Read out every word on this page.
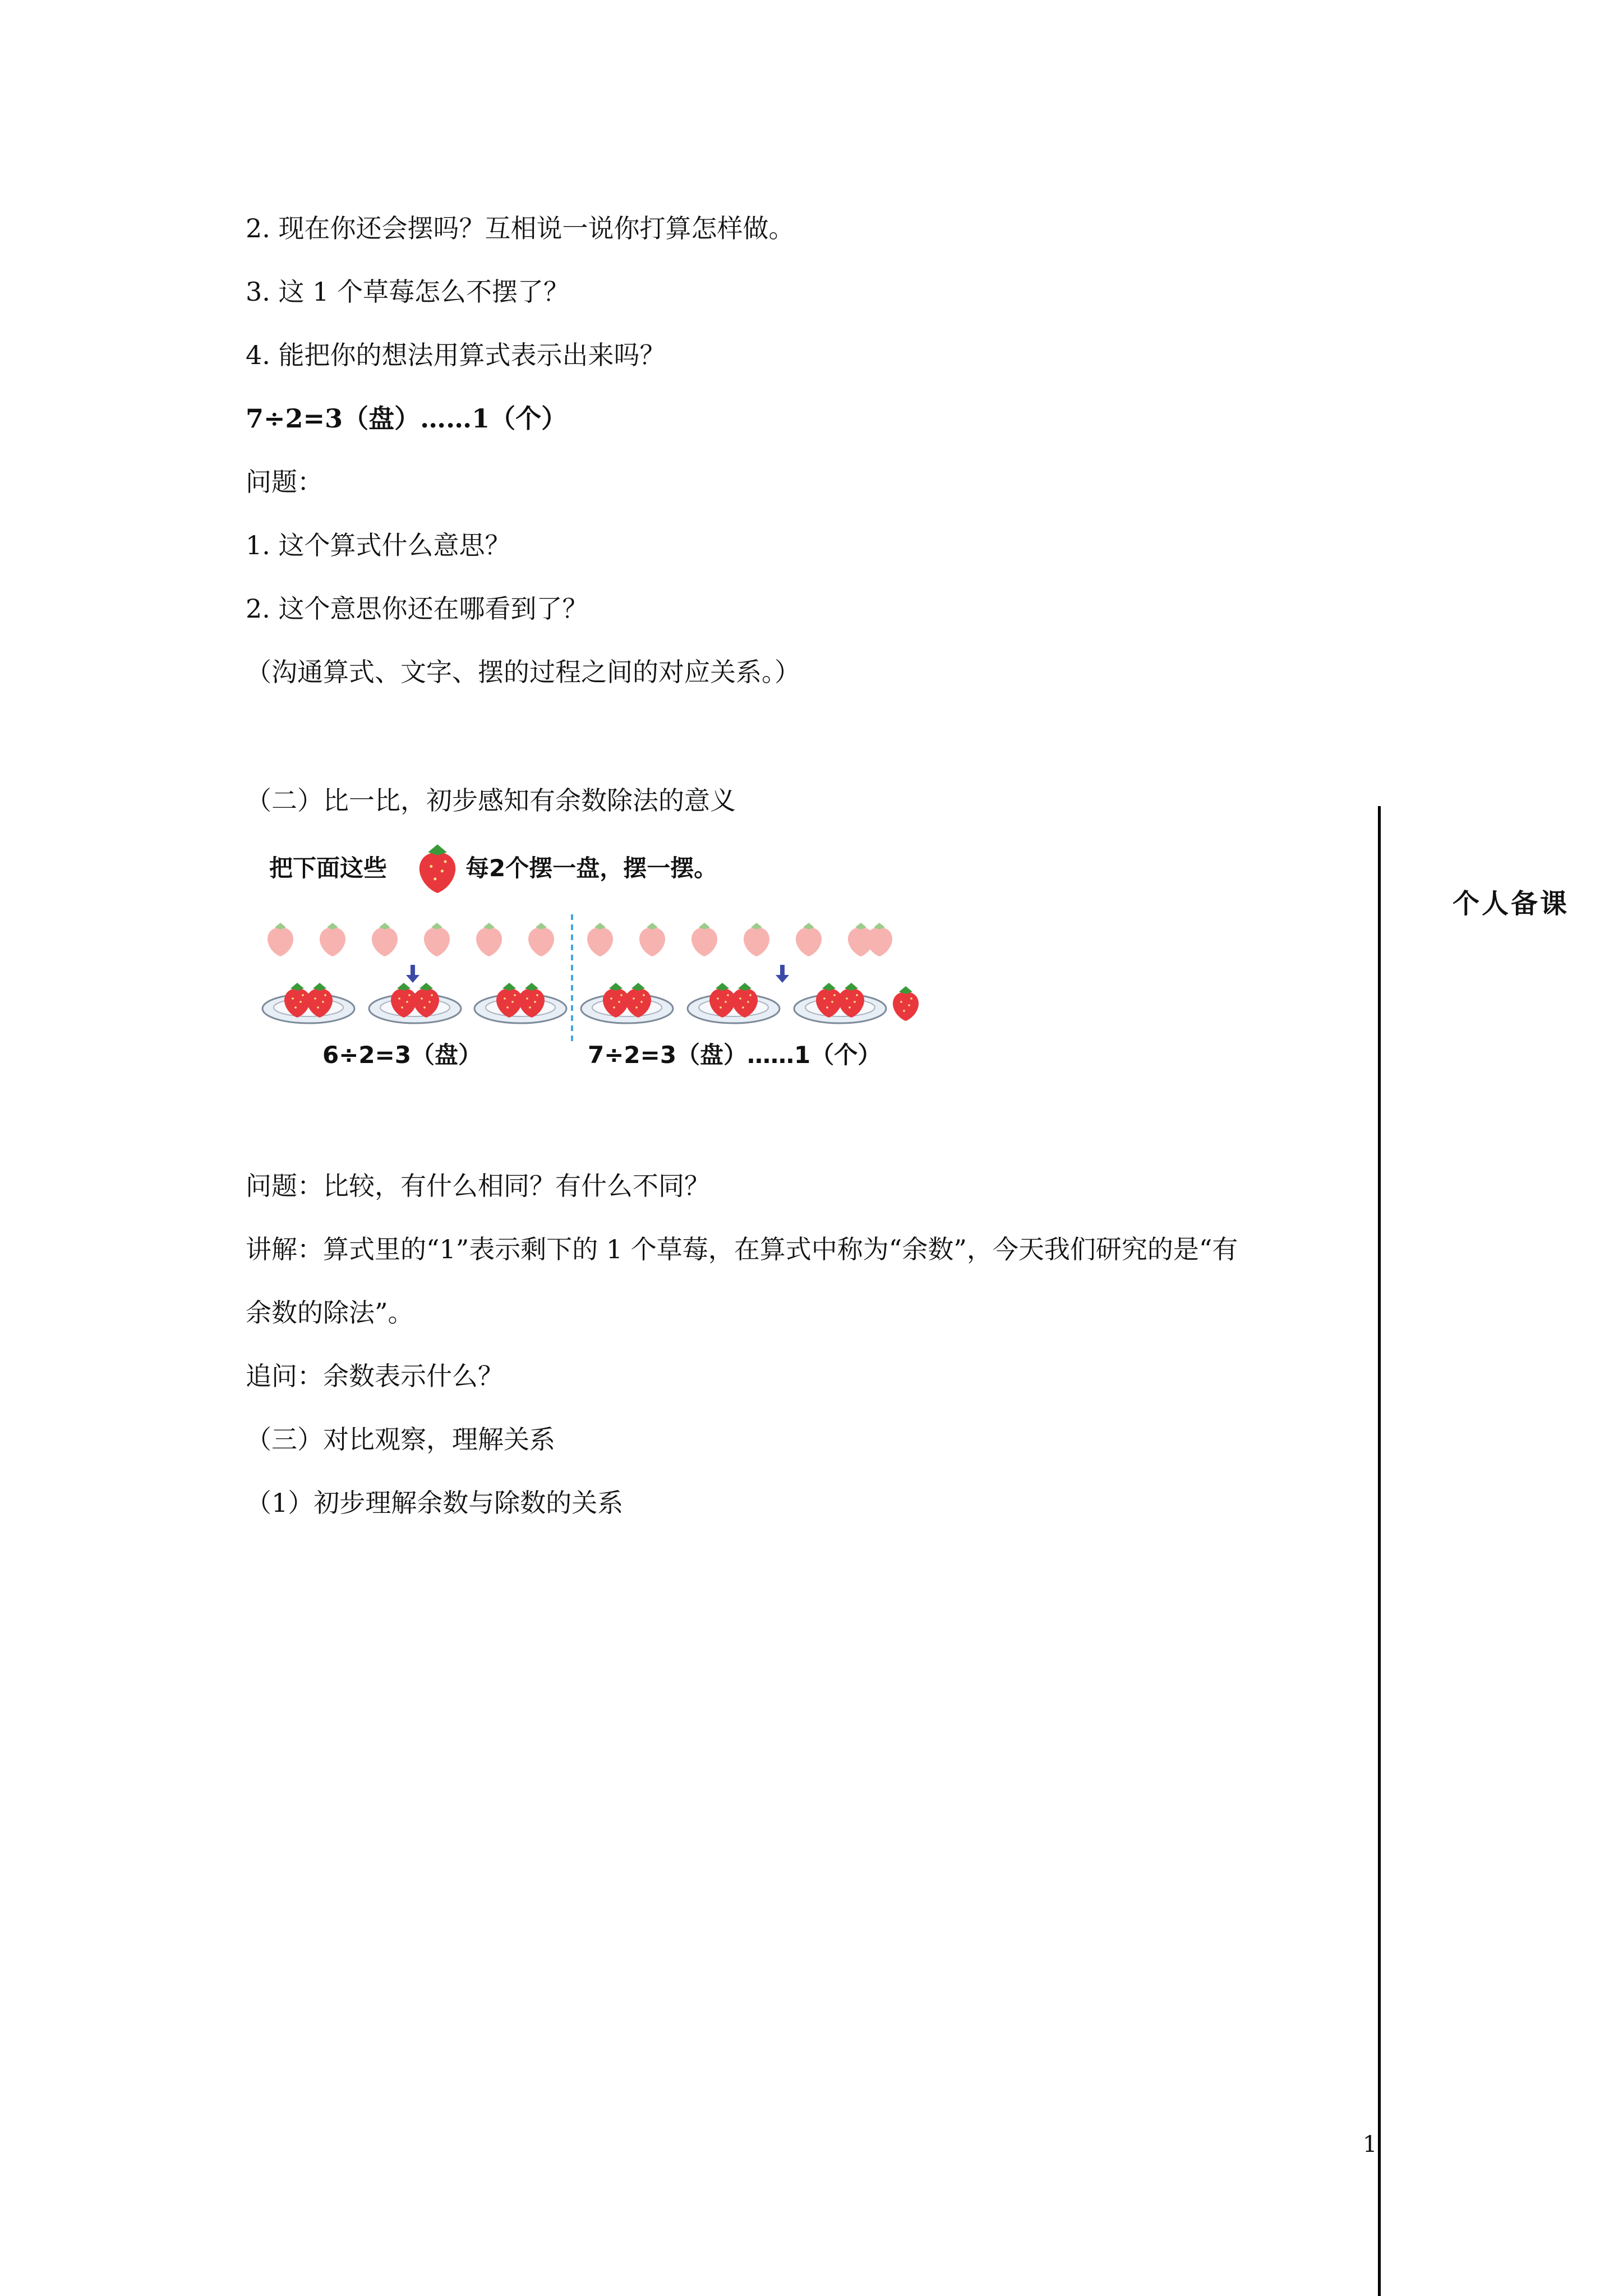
2. 现在你还会摆吗？互相说一说你打算怎样做。
3. 这 1 个草莓怎么不摆了？
4. 能把你的想法用算式表示出来吗？
7÷2=3（盘）……1（个）
问题：
1. 这个算式什么意思？
2. 这个意思你还在哪看到了？
（沟通算式、文字、摆的过程之间的对应关系。）
（二）比一比，初步感知有余数除法的意义
问题：比较，有什么相同？有什么不同？
讲解：算式里的“1”表示剩下的 1 个草莓，在算式中称为“余数”，今天我们研究的是“有
余数的除法”。
追问：余数表示什么？
（三）对比观察，理解关系
（1）初步理解余数与除数的关系
把下面这些	每2个摆一盘，摆一摆。
6÷2=3（盘）	7÷2=3（盘）……1（个）
个人备课
1
